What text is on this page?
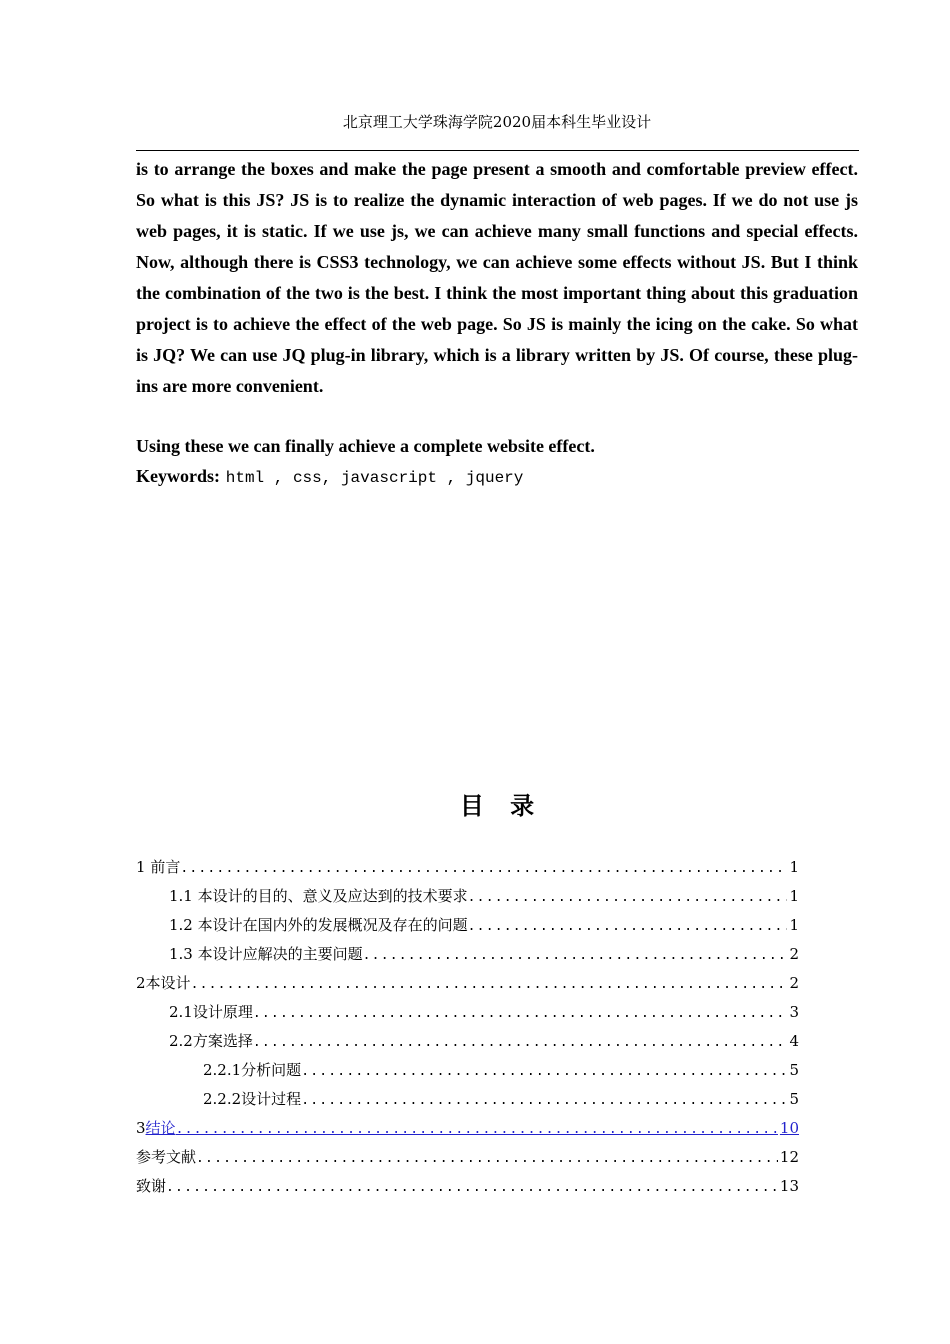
北京理工大学珠海学院2020届本科生毕业设计

is to arrange the boxes and make the page present a smooth and comfortable preview effect. So what is this JS? JS is to realize the dynamic interaction of web pages. If we do not use js web pages, it is static. If we use js, we can achieve many small functions and special effects. Now, although there is CSS3 technology, we can achieve some effects without JS. But I think the combination of the two is the best. I think the most important thing about this graduation project is to achieve the effect of the web page. So JS is mainly the icing on the cake. So what is JQ? We can use JQ plug-in library, which is a library written by JS. Of course, these plug-ins are more convenient.

Using these we can finally achieve a complete website effect.

Keywords: html , css, javascript , jquery
目 录
1 前言 .....	1
1.1 本设计的目的、意义及应达到的技术要求 .....	1
1.2 本设计在国内外的发展概况及存在的问题 .....	1
1.3 本设计应解决的主要问题 .....	2
2本设计 .....	2
2.1设计原理 .....	3
2.2方案选择 .....	4
2.2.1分析问题 .....	5
2.2.2设计过程 .....	5
3结论 .....	10
参考文献 .....	12
致谢 .....	13
